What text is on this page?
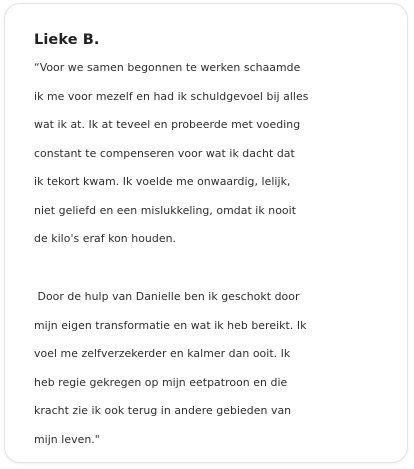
Lieke B.
“Voor we samen begonnen te werken schaamde
ik me voor mezelf en had ik schuldgevoel bij alles
wat ik at. Ik at teveel en probeerde met voeding
constant te compenseren voor wat ik dacht dat
ik tekort kwam. Ik voelde me onwaardig, lelijk,
niet geliefd en een mislukkeling, omdat ik nooit
de kilo's eraf kon houden.
Door de hulp van Danielle ben ik geschokt door
mijn eigen transformatie en wat ik heb bereikt. Ik
voel me zelfverzekerder en kalmer dan ooit. Ik
heb regie gekregen op mijn eetpatroon en die
kracht zie ik ook terug in andere gebieden van
mijn leven."
